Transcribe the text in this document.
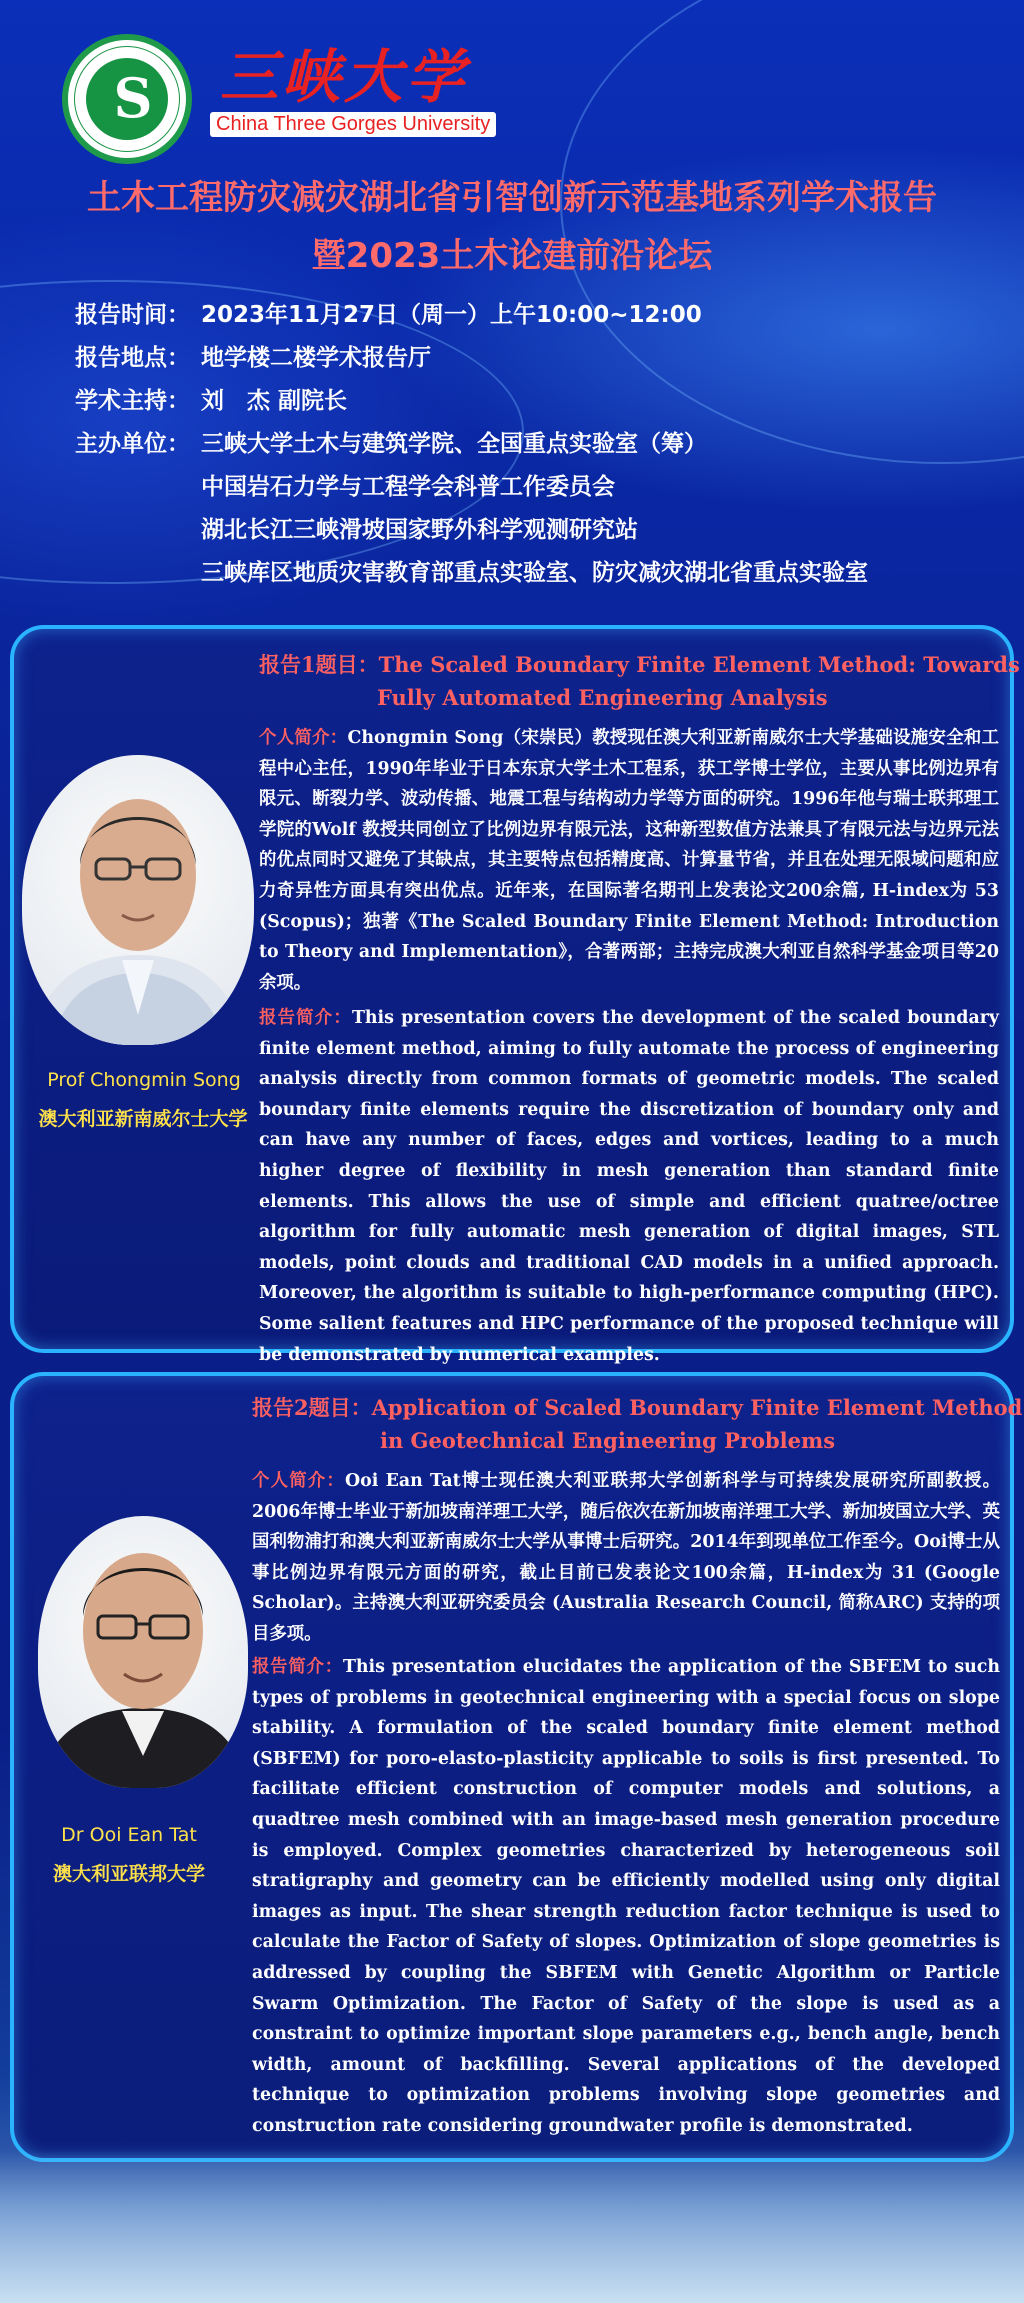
S	三峡大学
China Three Gorges University
土木工程防灾减灾湖北省引智创新示范基地系列学术报告
暨2023土木论建前沿论坛
报告时间： 2023年11月27日（周一）上午10:00~12:00
报告地点： 地学楼二楼学术报告厅
学术主持： 刘　杰 副院长
主办单位： 三峡大学土木与建筑学院、全国重点实验室（筹）
中国岩石力学与工程学会科普工作委员会
湖北长江三峡滑坡国家野外科学观测研究站
三峡库区地质灾害教育部重点实验室、防灾减灾湖北省重点实验室
Prof Chongmin Song
澳大利亚新南威尔士大学
报告1题目：The Scaled Boundary Finite Element Method: Towards
Fully Automated Engineering Analysis
个人简介：Chongmin Song（宋崇民）教授现任澳大利亚新南威尔士大学基础设施安全和工程中心主任，1990年毕业于日本东京大学土木工程系，获工学博士学位，主要从事比例边界有限元、断裂力学、波动传播、地震工程与结构动力学等方面的研究。1996年他与瑞士联邦理工学院的Wolf 教授共同创立了比例边界有限元法，这种新型数值方法兼具了有限元法与边界元法的优点同时又避免了其缺点，其主要特点包括精度高、计算量节省，并且在处理无限域问题和应力奇异性方面具有突出优点。近年来，在国际著名期刊上发表论文200余篇, H-index为 53 (Scopus)；独著《The Scaled Boundary Finite Element Method: Introduction to Theory and Implementation》，合著两部；主持完成澳大利亚自然科学基金项目等20余项。
报告简介：This presentation covers the development of the scaled boundary finite element method, aiming to fully automate the process of engineering analysis directly from common formats of geometric models. The scaled boundary finite elements require the discretization of boundary only and can have any number of faces, edges and vortices, leading to a much higher degree of flexibility in mesh generation than standard finite elements. This allows the use of simple and efficient quatree/octree algorithm for fully automatic mesh generation of digital images, STL models, point clouds and traditional CAD models in a unified approach. Moreover, the algorithm is suitable to high-performance computing (HPC). Some salient features and HPC performance of the proposed technique will be demonstrated by numerical examples.
Dr Ooi Ean Tat
澳大利亚联邦大学
报告2题目：Application of Scaled Boundary Finite Element Method
in Geotechnical Engineering Problems
个人简介：Ooi Ean Tat博士现任澳大利亚联邦大学创新科学与可持续发展研究所副教授。2006年博士毕业于新加坡南洋理工大学，随后依次在新加坡南洋理工大学、新加坡国立大学、英国利物浦打和澳大利亚新南威尔士大学从事博士后研究。2014年到现单位工作至今。Ooi博士从事比例边界有限元方面的研究，截止目前已发表论文100余篇，H-index为 31 (Google Scholar)。主持澳大利亚研究委员会 (Australia Research Council, 简称ARC) 支持的项目多项。
报告简介：This presentation elucidates the application of the SBFEM to such types of problems in geotechnical engineering with a special focus on slope stability. A formulation of the scaled boundary finite element method (SBFEM) for poro-elasto-plasticity applicable to soils is first presented. To facilitate efficient construction of computer models and solutions, a quadtree mesh combined with an image-based mesh generation procedure is employed. Complex geometries characterized by heterogeneous soil stratigraphy and geometry can be efficiently modelled using only digital images as input. The shear strength reduction factor technique is used to calculate the Factor of Safety of slopes. Optimization of slope geometries is addressed by coupling the SBFEM with Genetic Algorithm or Particle Swarm Optimization. The Factor of Safety of the slope is used as a constraint to optimize important slope parameters e.g., bench angle, bench width, amount of backfilling. Several applications of the developed technique to optimization problems involving slope geometries and construction rate considering groundwater profile is demonstrated.
